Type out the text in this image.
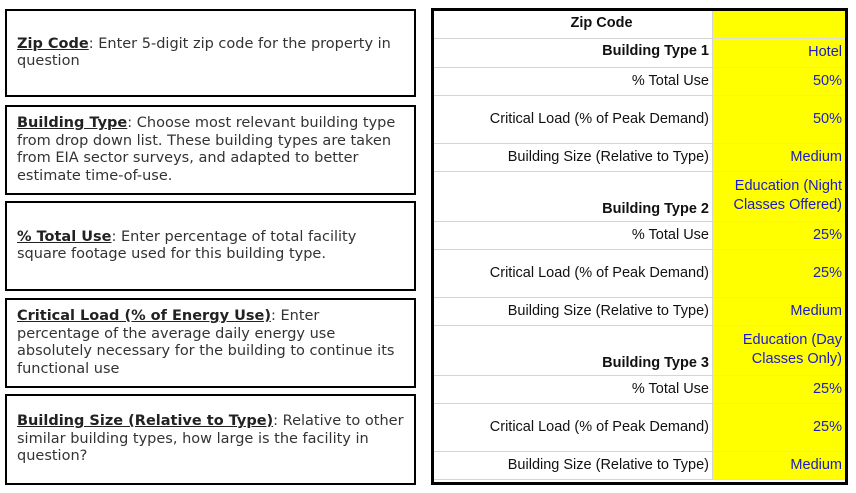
Zip Code: Enter 5-digit zip code for the property in question
Building Type: Choose most relevant building type from drop down list. These building types are taken from EIA sector surveys, and adapted to better estimate time-of-use.
% Total Use: Enter percentage of total facility square footage used for this building type.
Critical Load (% of Energy Use): Enter percentage of the average daily energy use absolutely necessary for the building to continue its functional use
Building Size (Relative to Type): Relative to other similar building types, how large is the facility in question?
Zip Code	
Building Type 1	Hotel
% Total Use	50%
Critical Load (% of Peak Demand)	50%
Building Size (Relative to Type)	Medium
Building Type 2	Education (Night Classes Offered)
% Total Use	25%
Critical Load (% of Peak Demand)	25%
Building Size (Relative to Type)	Medium
Building Type 3	Education (Day Classes Only)
% Total Use	25%
Critical Load (% of Peak Demand)	25%
Building Size (Relative to Type)	Medium
